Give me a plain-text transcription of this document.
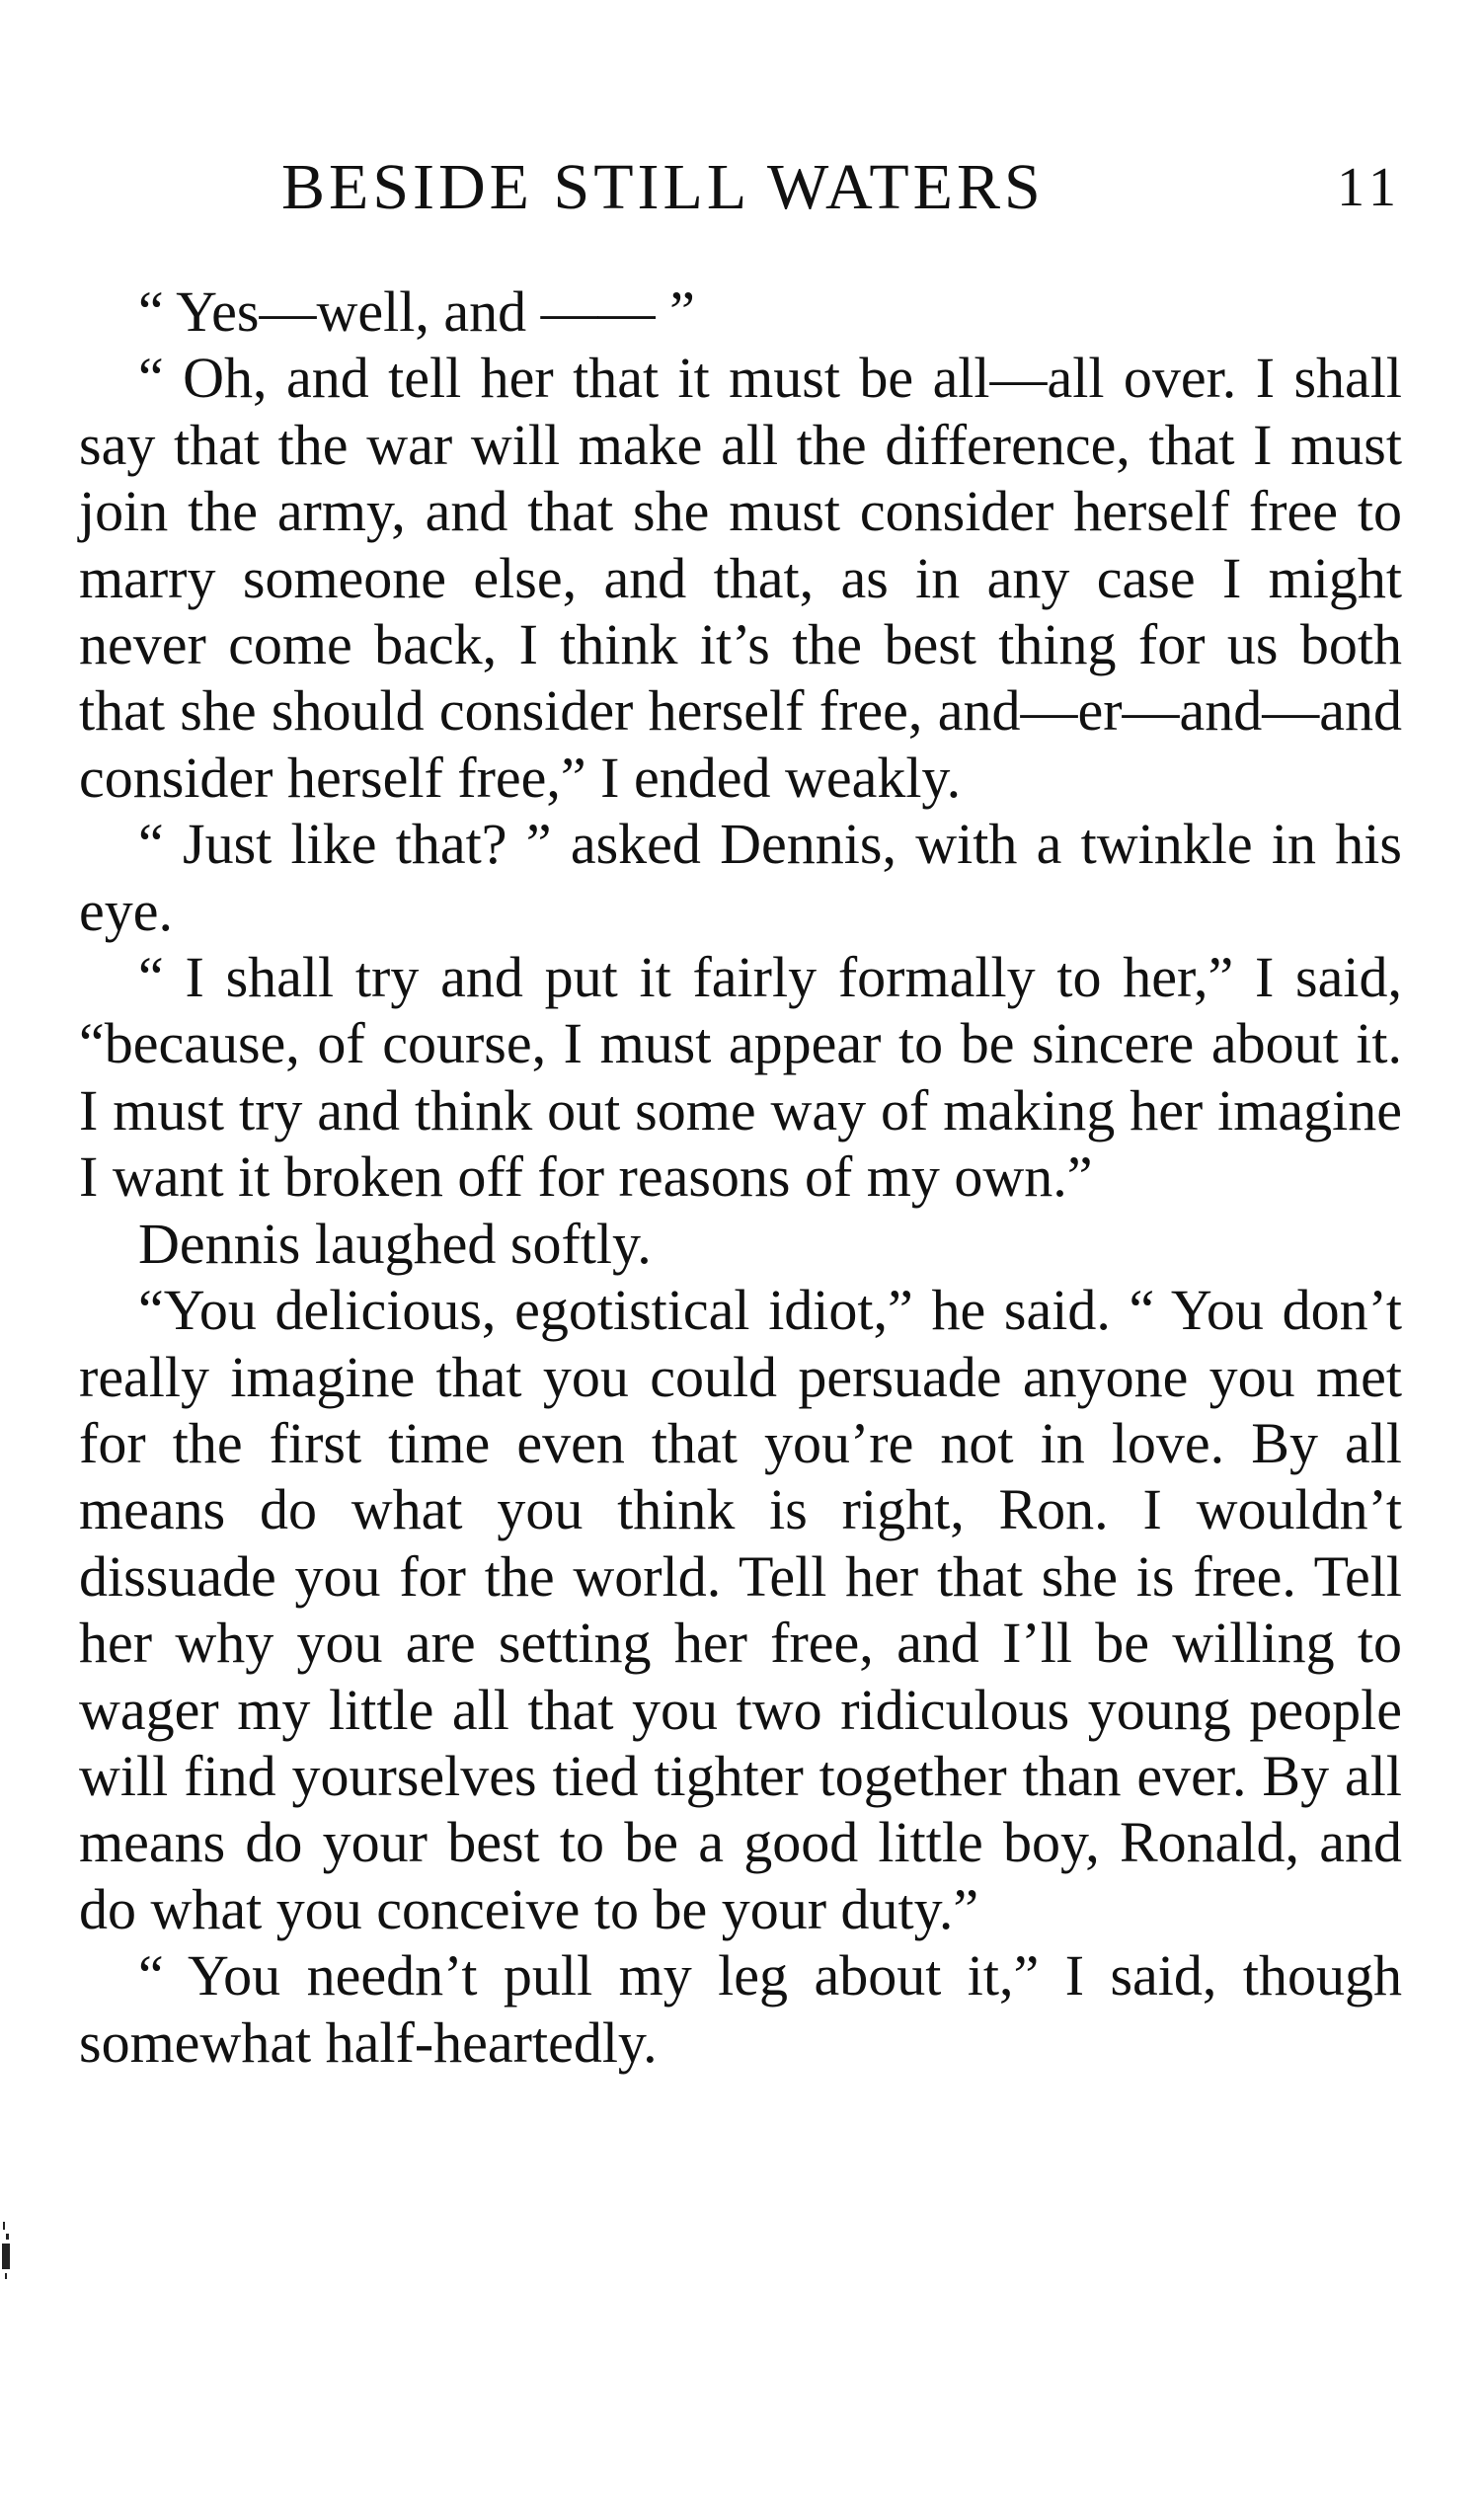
BESIDE STILL WATERS	11

“ Yes—well, and —— ”

“ Oh, and tell her that it must be all—all over. I shall say that the war will make all the difference, that I must join the army, and that she must consider herself free to marry someone else, and that, as in any case I might never come back, I think it’s the best thing for us both that she should consider herself free, and—er—and—and consider herself free,” I ended weakly.

“ Just like that? ” asked Dennis, with a twinkle in his eye.

“ I shall try and put it fairly formally to her,” I said, “because, of course, I must appear to be sincere about it. I must try and think out some way of making her imagine I want it broken off for reasons of my own.”

Dennis laughed softly.

“You delicious, egotistical idiot,” he said. “ You don’t really imagine that you could persuade anyone you met for the first time even that you’re not in love. By all means do what you think is right, Ron. I wouldn’t dissuade you for the world. Tell her that she is free. Tell her why you are setting her free, and I’ll be willing to wager my little all that you two ridiculous young people will find yourselves tied tighter together than ever. By all means do your best to be a good little boy, Ronald, and do what you conceive to be your duty.”

“ You needn’t pull my leg about it,” I said, though somewhat half-heartedly.
